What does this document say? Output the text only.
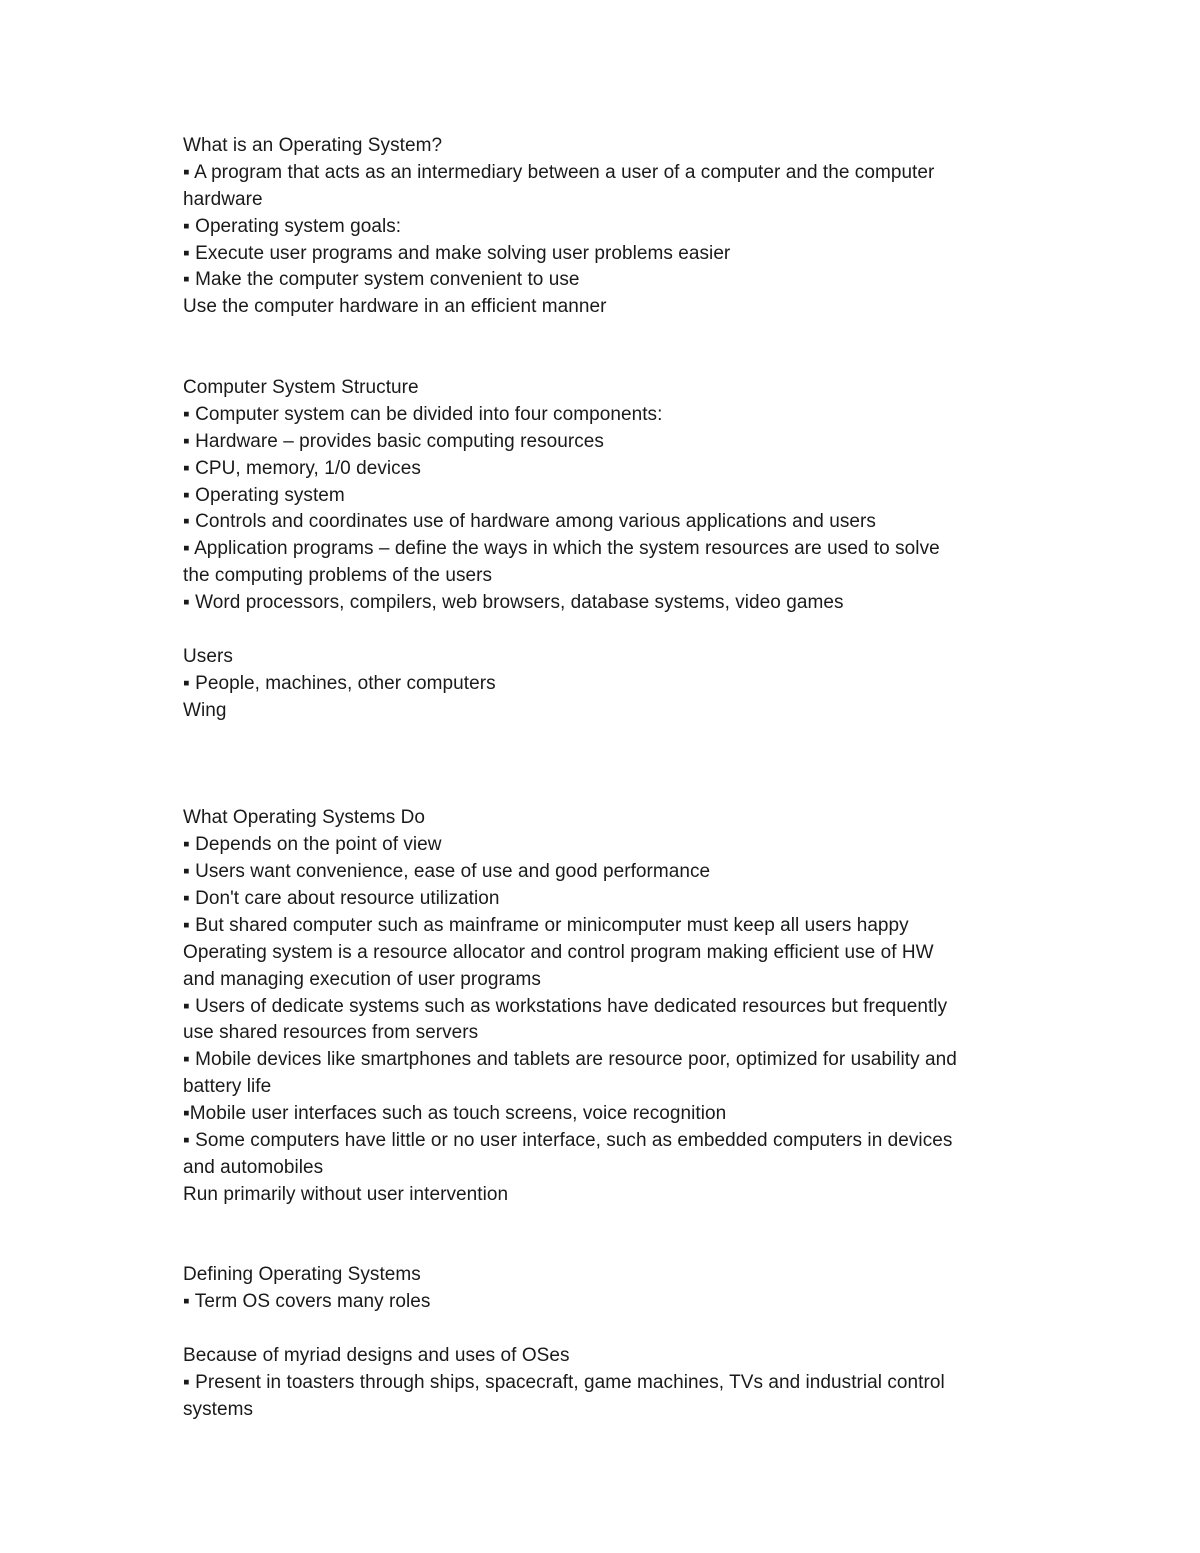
What is an Operating System?
▪ A program that acts as an intermediary between a user of a computer and the computer
hardware
▪ Operating system goals:
▪ Execute user programs and make solving user problems easier
▪ Make the computer system convenient to use
Use the computer hardware in an efficient manner
Computer System Structure
▪ Computer system can be divided into four components:
▪ Hardware – provides basic computing resources
▪ CPU, memory, 1/0 devices
▪ Operating system
▪ Controls and coordinates use of hardware among various applications and users
▪ Application programs – define the ways in which the system resources are used to solve
the computing problems of the users
▪ Word processors, compilers, web browsers, database systems, video games
Users
▪ People, machines, other computers
Wing
What Operating Systems Do
▪ Depends on the point of view
▪ Users want convenience, ease of use and good performance
▪ Don't care about resource utilization
▪ But shared computer such as mainframe or minicomputer must keep all users happy
Operating system is a resource allocator and control program making efficient use of HW
and managing execution of user programs
▪ Users of dedicate systems such as workstations have dedicated resources but frequently
use shared resources from servers
▪ Mobile devices like smartphones and tablets are resource poor, optimized for usability and
battery life
▪Mobile user interfaces such as touch screens, voice recognition
▪ Some computers have little or no user interface, such as embedded computers in devices
and automobiles
Run primarily without user intervention
Defining Operating Systems
▪ Term OS covers many roles
Because of myriad designs and uses of OSes
▪ Present in toasters through ships, spacecraft, game machines, TVs and industrial control
systems
